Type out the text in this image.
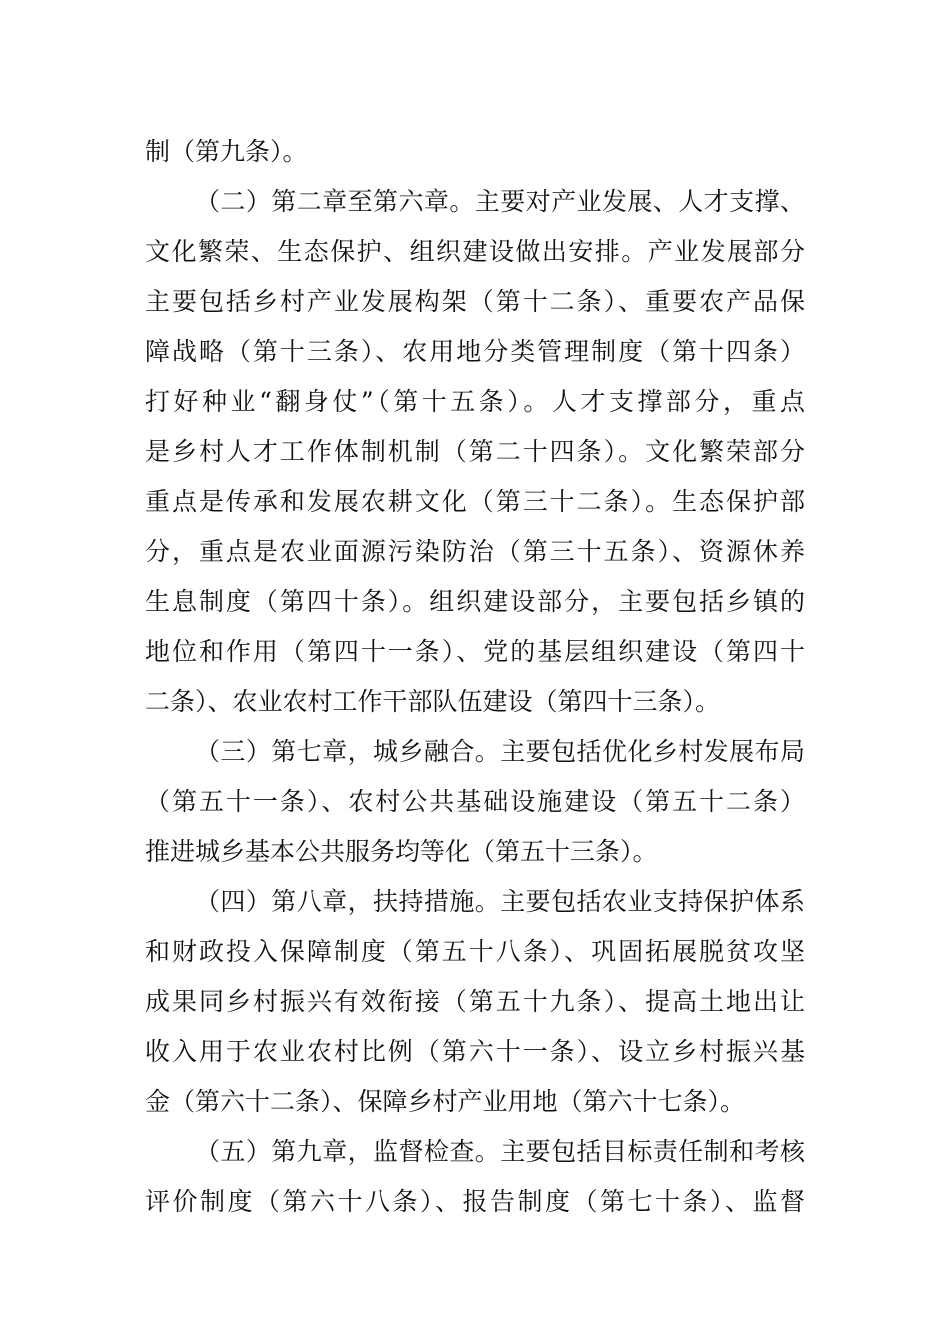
制（第九条）。
（二）第二章至第六章。主要对产业发展、人才支撑、
文化繁荣、生态保护、组织建设做出安排。产业发展部分
主要包括乡村产业发展构架（第十二条）、重要农产品保
障战略（第十三条）、农用地分类管理制度（第十四条）
打好种业“翻身仗”（第十五条）。人才支撑部分，重点
是乡村人才工作体制机制（第二十四条）。文化繁荣部分
重点是传承和发展农耕文化（第三十二条）。生态保护部
分，重点是农业面源污染防治（第三十五条）、资源休养
生息制度（第四十条）。组织建设部分，主要包括乡镇的
地位和作用（第四十一条）、党的基层组织建设（第四十
二条）、农业农村工作干部队伍建设（第四十三条）。
（三）第七章，城乡融合。主要包括优化乡村发展布局
（第五十一条）、农村公共基础设施建设（第五十二条）
推进城乡基本公共服务均等化（第五十三条）。
（四）第八章，扶持措施。主要包括农业支持保护体系
和财政投入保障制度（第五十八条）、巩固拓展脱贫攻坚
成果同乡村振兴有效衔接（第五十九条）、提高土地出让
收入用于农业农村比例（第六十一条）、设立乡村振兴基
金（第六十二条）、保障乡村产业用地（第六十七条）。
（五）第九章，监督检查。主要包括目标责任制和考核
评价制度（第六十八条）、报告制度（第七十条）、监督
